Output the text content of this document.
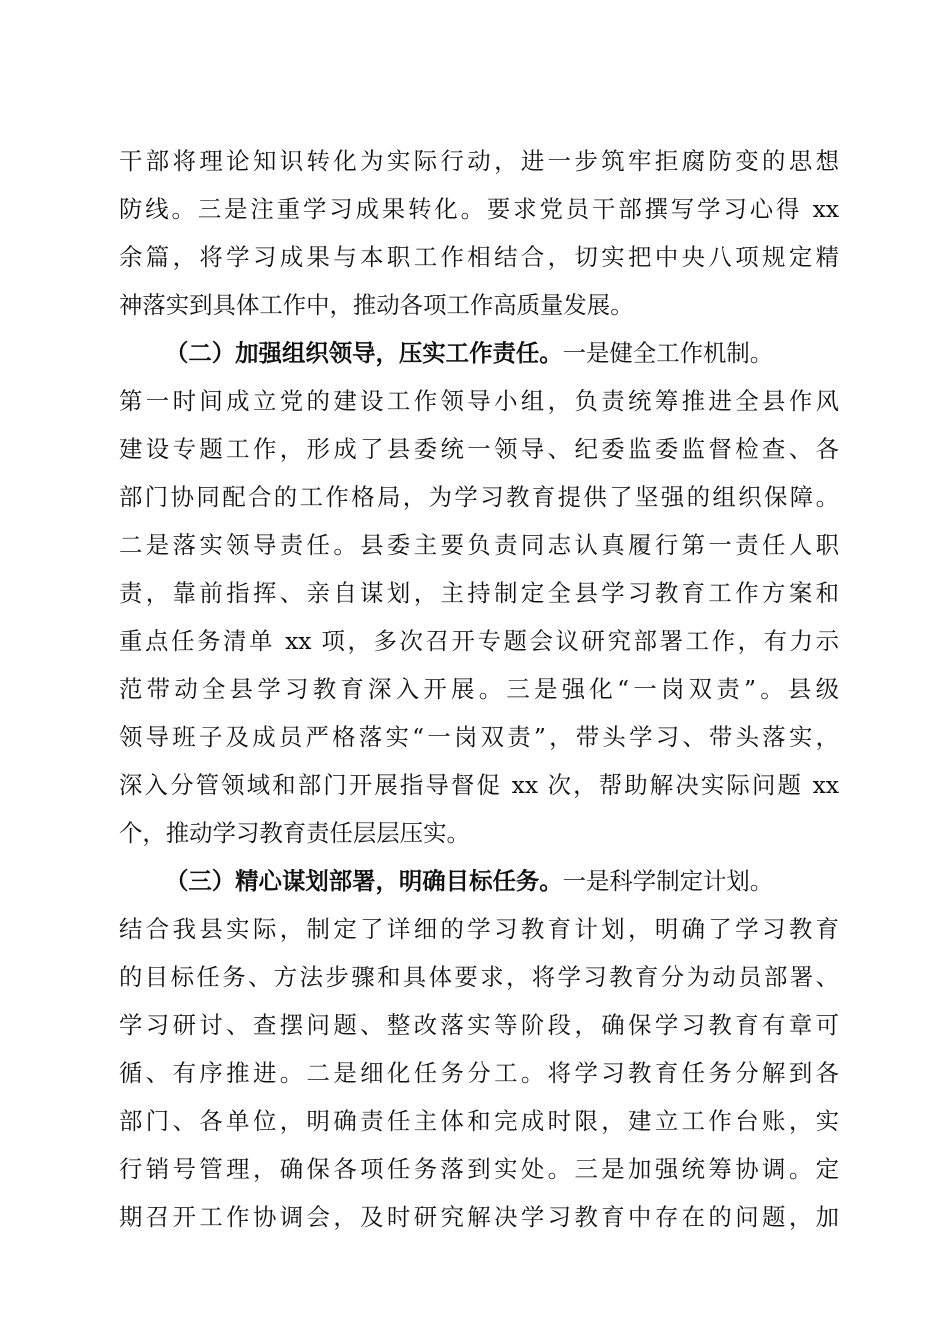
干部将理论知识转化为实际行动，进一步筑牢拒腐防变的思想
防线。三是注重学习成果转化。要求党员干部撰写学习心得 xx
余篇，将学习成果与本职工作相结合，切实把中央八项规定精
神落实到具体工作中，推动各项工作高质量发展。
（二）加强组织领导，压实工作责任。一是健全工作机制。
第一时间成立党的建设工作领导小组，负责统筹推进全县作风
建设专题工作，形成了县委统一领导、纪委监委监督检查、各
部门协同配合的工作格局，为学习教育提供了坚强的组织保障。
二是落实领导责任。县委主要负责同志认真履行第一责任人职
责，靠前指挥、亲自谋划，主持制定全县学习教育工作方案和
重点任务清单 xx 项，多次召开专题会议研究部署工作，有力示
范带动全县学习教育深入开展。三是强化“一岗双责”。县级
领导班子及成员严格落实“一岗双责”，带头学习、带头落实，
深入分管领域和部门开展指导督促 xx 次，帮助解决实际问题 xx
个，推动学习教育责任层层压实。
（三）精心谋划部署，明确目标任务。一是科学制定计划。
结合我县实际，制定了详细的学习教育计划，明确了学习教育
的目标任务、方法步骤和具体要求，将学习教育分为动员部署、
学习研讨、查摆问题、整改落实等阶段，确保学习教育有章可
循、有序推进。二是细化任务分工。将学习教育任务分解到各
部门、各单位，明确责任主体和完成时限，建立工作台账，实
行销号管理，确保各项任务落到实处。三是加强统筹协调。定
期召开工作协调会，及时研究解决学习教育中存在的问题，加
